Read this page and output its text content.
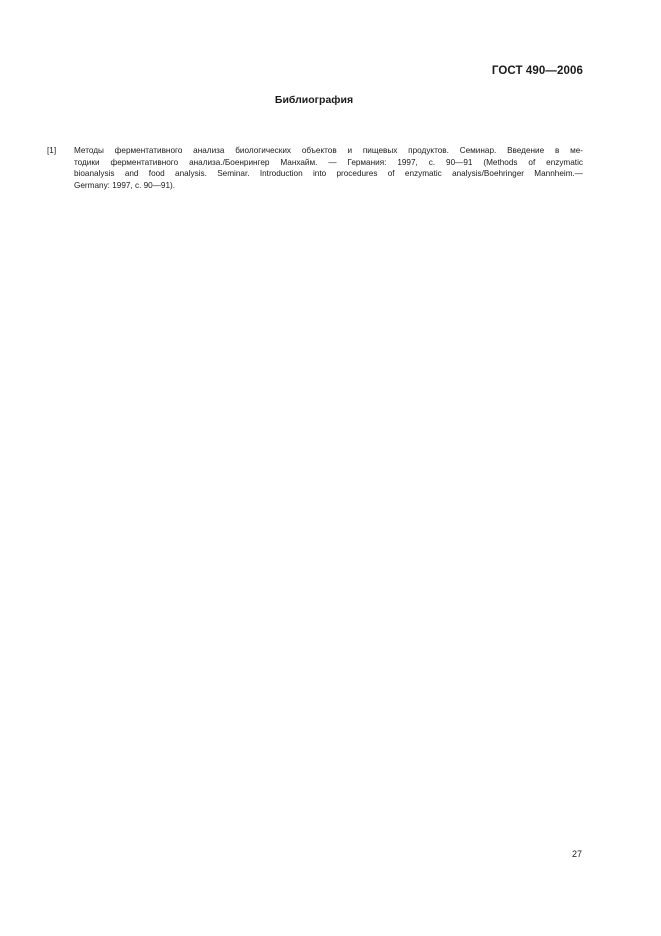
ГОСТ 490—2006
Библиография
[1] Методы ферментативного анализа биологических объектов и пищевых продуктов. Семинар. Введение в ме-
тодики ферментативного анализа./Боенрингер Манхайм. — Германия: 1997, с. 90—91 (Methods of enzymatic
bioanalysis and food analysis. Seminar. Introduction into procedures of enzymatic analysis/Boehringer Mannheim.—
Germany: 1997, c. 90—91).
27
